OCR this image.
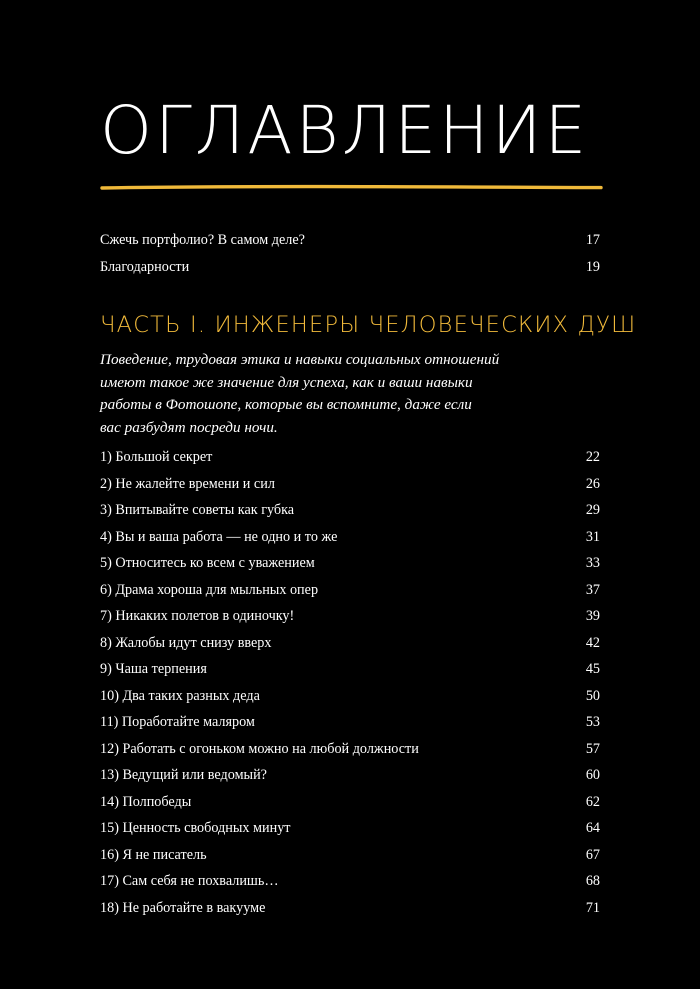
ОГЛАВЛЕНИЕ
Сжечь портфолио? В самом деле?	17
Благодарности	19
ЧАСТЬ I. ИНЖЕНЕРЫ ЧЕЛОВЕЧЕСКИХ ДУШ
Поведение, трудовая этика и навыки социальных отношений
имеют такое же значение для успеха, как и ваши навыки
работы в Фотошопе, которые вы вспомните, даже если
вас разбудят посреди ночи.
1) Большой секрет	22
2) Не жалейте времени и сил	26
3) Впитывайте советы как губка	29
4) Вы и ваша работа — не одно и то же	31
5) Относитесь ко всем с уважением	33
6) Драма хороша для мыльных опер	37
7) Никаких полетов в одиночку!	39
8) Жалобы идут снизу вверх	42
9) Чаша терпения	45
10) Два таких разных деда	50
11) Поработайте маляром	53
12) Работать с огоньком можно на любой должности	57
13) Ведущий или ведомый?	60
14) Полпобеды	62
15) Ценность свободных минут	64
16) Я не писатель	67
17) Сам себя не похвалишь…	68
18) Не работайте в вакууме	71
